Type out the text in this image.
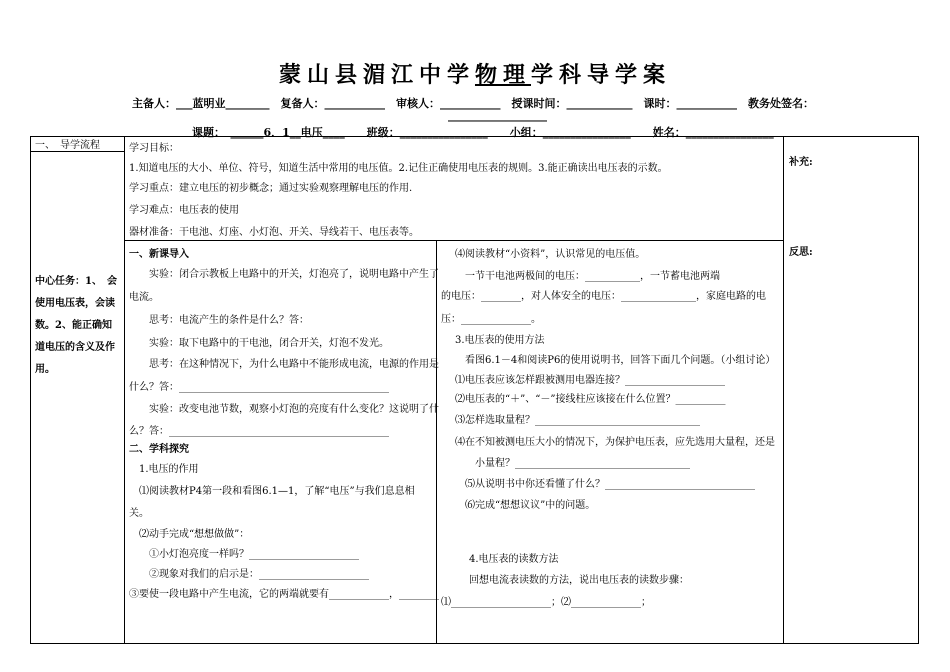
蒙山县湄江中学物理学科导学案
主备人：___蓝明业________　复备人：___________　审核人：___________　授课时间：____________　课时：___________　教务处签名：
__________________
课题：　______6．1__电压____　　班级：________________　　小组：________________　　姓名：________________
一、　导学流程
中心任务：1、　会使用电压表，会读数。2、能正确知道电压的含义及作用。
学习目标：
1.知道电压的大小、单位、符号，知道生活中常用的电压值。2.记住正确使用电压表的规则。3.能正确读出电压表的示数。
学习重点：建立电压的初步概念；通过实验观察理解电压的作用.
学习难点：电压表的使用
器材准备：干电池、灯座、小灯泡、开关、导线若干、电压表等。
一、新课导入
实验：闭合示教板上电路中的开关，灯泡亮了，说明电路中产生了
电流。
思考：电流产生的条件是什么？答：
实验：取下电路中的干电池，闭合开关，灯泡不发光。
思考：在这种情况下，为什么电路中不能形成电流，电源的作用是
什么？答：__________________________________________
实验：改变电池节数，观察小灯泡的亮度有什么变化？这说明了什
么？答：____________________________________________
二、学科探究
1.电压的作用
⑴阅读教材P4第一段和看图6.1—1，了解“电压”与我们息息相
关。
⑵动手完成“想想做做”：
①小灯泡亮度一样吗？______________________
②现象对我们的启示是：______________________
③要使一段电路中产生电流，它的两端就要有____________，________
⑷阅读教材“小资料”，认识常见的电压值。
一节干电池两极间的电压：___________，一节蓄电池两端
的电压：________，对人体安全的电压：_______________，家庭电路的电
压：______________。
3.电压表的使用方法
看图6.1－4和阅读P6的使用说明书，回答下面几个问题。（小组讨论）
⑴电压表应该怎样跟被测用电器连接？____________________
⑵电压表的“＋”、“－”接线柱应该接在什么位置？__________
⑶怎样选取量程？_________________________________
⑷在不知被测电压大小的情况下，为保护电压表，应先选用大量程，还是
小量程？___________________________________
⑸从说明书中你还看懂了什么？______________________________
⑹完成“想想议议”中的问题。
4.电压表的读数方法
回想电流表读数的方法，说出电压表的读数步骤：
⑴____________________；⑵______________；
补充:
反思:
